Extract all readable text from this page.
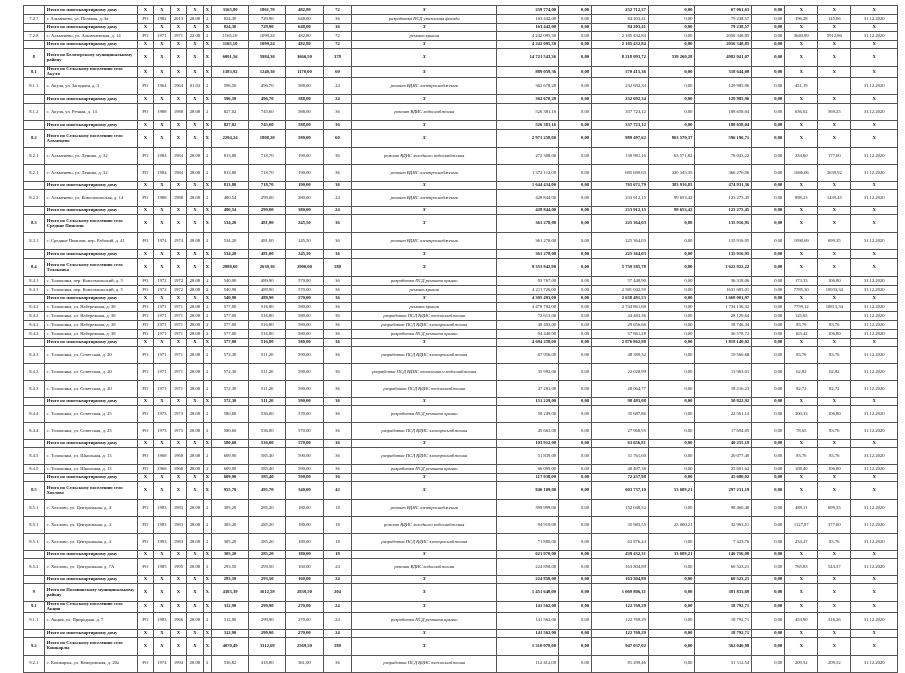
	Итого по многоквартирному дому	X	X	X	X	X	3165,80	1861,70	482,80	72	X	259 774,00	0,00	232 712,37	0,00	67 061,63	0,00	X	X	X
7.2.7	г. Альменево, ул. Полевая, д. 3а	РО	1982	2013	28.08	2	824,30	729,90	648,00	36	разработка ПСД утепления фасада	163 442,00	0,00	84 203,41	0,00	79 238,57	0,00	196,28	145,06	31.12.2020
	Итого по многоквартирному дому	X	X	X	X	X	824,30	729,90	648,00	36	X	163 442,00	0,00	84 203,41	0,00	79 238,57	0,00	X	X	X
7.2.8	с. Альменево, ул. Альменевская, д. 14	РО	1971	1971	22.08	2	1165,10	1099,24	482,80	72	ремонт крыши	4 242 095,30	0,00	2 185 432,84	0,00	2056 348,85	0,00	3640,89	5912,86	31.12.2020
	Итого по многоквартирному дому	X	X	X	X	X	1165,10	1099,24	482,80	72	X	4 242 095,30	0,00	2 185 432,84	0,00	2056 348,85	0,00	X	X	X
8	Итого по Белозерскому муниципальному району	X	X	X	X	X	6091,56	5984,30	3666,50	378	X	14 721 543,36	0,00	8 218 093,72	539 260,28	4982 941,07	0,00	X	X	X
8.1	Итого по Сельскому поселению село Акуля	X	X	X	X	X	1383,92	1240,30	1170,00	60	X	889 059,36	0,00	570 415,36	0,00	318 644,00	0,00	X	X	X
8.1.1	с. Акуля, ул. Западная, д. 3	РО	1964	1964	01.03	2	596,50	496,70	588,00	24	ремонт ВДИС электроснабжения	362 678,28	0,00	232 692,34	0,00	129 985,96	0,00	451,19		31.12.2020
	Итого по многоквартирному дому	X	X	X	X	X	596,50	496,70	588,00	24	X	362 678,28	0,00	232 692,34	0,00	129 985,96	0,00	X	X	X
8.1.2	с. Акуля, ул. Речная, д. 14	РО	1988	1988	28.08	2	827,02	745,60	588,00	36	ремонт ВДИС водоснабжения	526 381,16	0,00	337 723,12	0,00	188 658,04	0,00	656,02	569,25	31.12.2020
	Итого по многоквартирному дому	X	X	X	X	X	827,02	745,60	588,00	36	X	526 381,16	0,00	337 723,12	0,00	188 658,04	0,00	X	X	X
8.2	Итого по Сельскому поселению село Альменево	X	X	X	X	X	2294,24	1808,20	580,00	60	X	2 971 258,00	0,00	989 497,62	863 570,37	596 196,71	0,00	X	X	X
8.2.1	с. Альменево, ул. Ленина, д. 32	РО	1984	1984	28.08	2	813,80	718,70	190,00	36	ремонт ВДИС холодного водоснабжения	272 308,00	0,00	130 981,16	63 571,82	76 043,22	0,00	334,60	177,00	31.12.2020
8.2.1	с. Альменево, ул. Ленина, д. 32	РО	1984	1984	28.08	2	813,80	718,70	190,00	36	ремонт ВДИС электроснабжения	1 372 112,00	0,00	685 690,63	320 345,35	366 276,06	0,00	1686,06	2639,92	31.12.2020
	Итого по многоквартирному дому	X	X	X	X	X	813,80	718,70	190,00	36	X	1 644 434,00	0,00	765 671,79	383 916,85	474 931,36	0,00	X	X	X
8.2.2	с. Альменево, ул. Комсомольская, д. 14	РО	1988	1988	28.08	2	480,54	299,00	380,00	24	ремонт ВДИС электроснабжения	428 844,00	0,00	233 912,15	99 653,42	123 275,45	0,00	898,23	1439,45	31.12.2020
	Итого по многоквартирному дому	X	X	X	X	X	480,54	299,00	380,00	24	X	428 844,00	0,00	233 912,15	99 653,42	123 275,45	0,00	X	X	X
8.3	Итого по Сельскому поселению село Средние Пингачи	X	X	X	X	X	534,20	481,00	245,50	36	X	361 278,00	0,00	225 364,03	0,00	135 916,95	0,00	X	X	X
8.3.1	с. Средние Пингачи, пер. Рабочий, д. 41	РО	1974	1974	28.08	2	534,20	481,00	245,50	36	ремонт ВДИС электроснабжения	361 278,00	0,00	225 364,03	0,00	135 916,95	0,00	1090,69	699,35	31.12.2020
	Итого по многоквартирному дому	X	X	X	X	X	534,20	481,00	245,50	36	X	361 278,00	0,00	225 364,03	0,00	135 916,95	0,00	X	X	X
8.4	Итого по Сельскому поселению село Толоконка	X	X	X	X	X	2880,60	2639,30	2900,00	180	X	9 353 942,90	0,00	5 739 585,78	0,00	3 622 922,22	0,00	X	X	X
8.4.1	с. Толоконка, пер. Комсомольский, д. 5	РО	1972	1972	28.08	2	540,90	489,90	570,00	36	разработка ПСД ремонта крыши	93 767,00	0,00	57 448,90	0,00	36 318,06	0,00	173,33	106,80	31.12.2020
8.4.1	с. Толоконка, пер. Комсомольский, д. 5	РО	1972	1972	28.08	2	540,90	489,90	570,00	36	ремонт крыши	4 211 726,00	0,00	2 581 042,59	0,00	1631 683,01	0,00	7785,30	10033,34	31.12.2020
	Итого по многоквартирному дому	X	X	X	X	X	540,90	489,90	570,00	36	X	4 305 493,00	0,00	2 638 491,53	0,00	1 668 001,97	0,00	X	X	X
8.4.2	с. Толоконка, ул. Набережная, д. 38	РО	1971	1971	28.08	2	577,00	516,80	580,00	36	ремонт крыши	4 478 702,00	0,00	2 744 861,68	0,00	1 734 136,32	0,00	7759,12	10813,34	31.12.2020
8.4.2	с. Толоконка, ул. Набережная, д. 38	РО	1971	1971	28.08	2	577,00	516,80	580,00	36	разработка ПСД ВДИС теплоснабжения	72 613,00	0,00	44 483,36	0,00	28 129,64	0,00	125,65		31.12.2020
8.4.2	с. Толоконка, ул. Набережная, д. 38	РО	1971	1971	28.08	2	577,00	516,80	580,00	36	разработка ПСД ВДИС электроснабжения	48 403,00	0,00	29 656,66	0,00	18 746,34	0,00	83,76	83,76	31.12.2020
8.4.2	с. Толоконка, ул. Набережная, д. 38	РО	1971	1971	28.08	2	577,00	516,80	580,00	36	разработка ПСД ремонта крыши	94 440,00	0,00	57 861,28	0,00	36 578,72	0,00	163,42	106,80	31.12.2020
	Итого по многоквартирному дому	X	X	X	X	X	577,00	516,80	580,00	36	X	4 694 258,00	0,00	2 876 862,98	0,00	1 818 140,02	0,00	X	X	X
8.4.3	с. Толоконка, ул. Советская, д. 20	РО	1971	1971	28.08	2	572,30	511,20	590,00	36	разработка ПСД ВДИС электроснабжения	67 956,00	0,00	48 389,32	0,00	19 566,68	0,00	83,76	83,76	31.12.2020
8.4.3	с. Толоконка, ул. Советская, д. 20	РО	1971	1971	28.08	2	572,30	511,20	590,00	36	разработка ПСД ВДИС отопления и водоснабжения	35 992,00	0,00	22 028,99	0,00	13 963,01	0,00	62,82	62,82	31.12.2020
8.4.3	с. Толоконка, ул. Советская, д. 20	РО	1971	1971	28.08	2	572,30	511,20	590,00	36	разработка ПСД ВДИС теплоснабжения	47 281,00	0,00	28 064,77	0,00	18 216,23	0,00	82,72	82,72	31.12.2020
	Итого по многоквартирному дому	X	X	X	X	X	572,30	511,20	590,00	36	X	151 229,00	0,00	98 483,08	0,00	50 822,92	0,00	X	X	X
8.4.4	с. Толоконка, ул. Советская, д. 25	РО	1973	1973	28.08	2	580,60	536,00	570,00	36	разработка ПСД ремонта крыши	58 249,00	0,00	35 687,86	0,00	22 561,14	0,00	100,33	106,80	31.12.2020
8.4.4	с. Толоконка, ул. Советская, д. 25	РО	1973	1973	28.08	2	580,60	536,00	570,00	36	разработка ПСД ВДИС электроснабжения	45 663,00	0,00	27 968,95	0,00	17 694,05	0,00	78,65	83,76	31.12.2020
	Итого по многоквартирному дому	X	X	X	X	X	580,60	536,00	570,00	36	X	103 912,00	0,00	63 656,81	0,00	40 255,19	0,00	X	X	X
8.4.5	с. Толоконка, ул. Школьная, д. 13	РО	1968	1968	28.08	2	609,90	585,40	590,00	36	разработка ПСД ВДИС электроснабжения	51 839,00	0,00	31 761,60	0,00	20 077,40	0,00	83,76	83,76	31.12.2020
8.4.5	с. Толоконка, ул. Школьная, д. 13	РО	1968	1968	28.08	2	609,90	585,40	590,00	36	разработка ПСД ремонта крыши	66 099,00	0,00	40 497,38	0,00	25 601,62	0,00	108,40	106,80	31.12.2020
	Итого по многоквартирному дому	X	X	X	X	X	609,90	585,40	590,00	36	X	117 938,00	0,00	72 257,98	0,00	45 680,02	0,00	X	X	X
8.5	Итого по Сельскому поселению село Хохлово	X	X	X	X	X	955,70	495,70	340,00	42	X	846 109,00	0,00	603 737,10	53 689,21	297 231,19	0,00	X	X	X
8.5.1	с. Хохлово, ул. Центральная, д. 4	РО	1983	1983	28.08	2	305,20	285,20	180,00	18	ремонт ВДИС электроснабжения	399 999,00	0,00	152 048,52	0,00	98 460,48	0,00	489,11	699,35	31.12.2020
8.5.1	с. Хохлово, ул. Центральная, д. 4	РО	1983	1983	28.08	2	305,20	285,20	180,00	18	ремонт ВДИС холодного водоснабжения	94 919,00	0,00	35 983,55	23 000,21	32 963,51	0,00	1127,07	377,00	31.12.2020
8.5.1	с. Хохлово, ул. Центральная, д. 4	РО	1983	1983	28.08	2	305,20	285,20	180,00	18	разработка ПСД ВДИС электроснабжения	71 800,00	0,00	63 876,24	0,00	7 423,76	0,00	234,27	83,76	31.12.2020
	Итого по многоквартирному дому	X	X	X	X	X	305,20	285,20	180,00	18	X	621 970,00	0,00	439 432,31	33 689,21	146 756,08	0,00	X	X	X
8.5.2	с. Хохлово, ул. Центральная, д. 7А	РО	1985	1995	28.08	2	293,50	293,50	160,00	24	ремонт ВДИС водоснабжения	224 858,00	0,00	163 304,89	0,00	60 523,21	0,00	765,83	543,37	31.12.2020
	Итого по многоквартирному дому	X	X	X	X	X	293,50	293,50	160,00	24	X	224 858,00	0,00	163 304,89	0,00	60 523,21	0,00	X	X	X
9	Итого по Половинскому муниципальному району	X	X	X	X	X	4383,39	3612,59	2839,50	204	X	1 451 640,00	0,00	1 069 806,31	0,00	381 833,69	0,00	X	X	X
9.1	Итого по Сельскому поселению село Акция	X	X	X	X	X	312,90	299,90	270,00	24	X	141 562,00	0,00	122 769,29	0,00	18 792,71	0,00	X	X	X
9.1.1	с. Акция, ул. Природная, д. 7	РО	1983	1966	28.08	2	312,90	299,90	270,00	24	разработка ПСД ремонта крыши	141 562,00	0,00	122 769,29	0,00	18 792,71	0,00	453,90	316,26	31.12.2020
	Итого по многоквартирному дому	X	X	X	X	X	312,90	299,90	270,00	24	X	141 562,00	0,00	122 769,29	0,00	18 792,71	0,00	X	X	X
9.2	Итого по Сельскому поселению село Кошкарлы	X	X	X	X	X	4070,49	3312,69	2569,50	180	X	1 310 078,00	0,00	947 037,02	0,00	362 040,98	0,00	X	X	X
9.2.1	с. Кошкарлы, ул. Кемеровская, д. 20а	РО	1974	1994	28.08	2	536,82	418,80	361,00	36	разработка ПСД ВДИС теплоснабжения	112 412,00	0,00	81 299,46	0,00	31 112,54	0,00	209,52	209,52	31.12.2020
